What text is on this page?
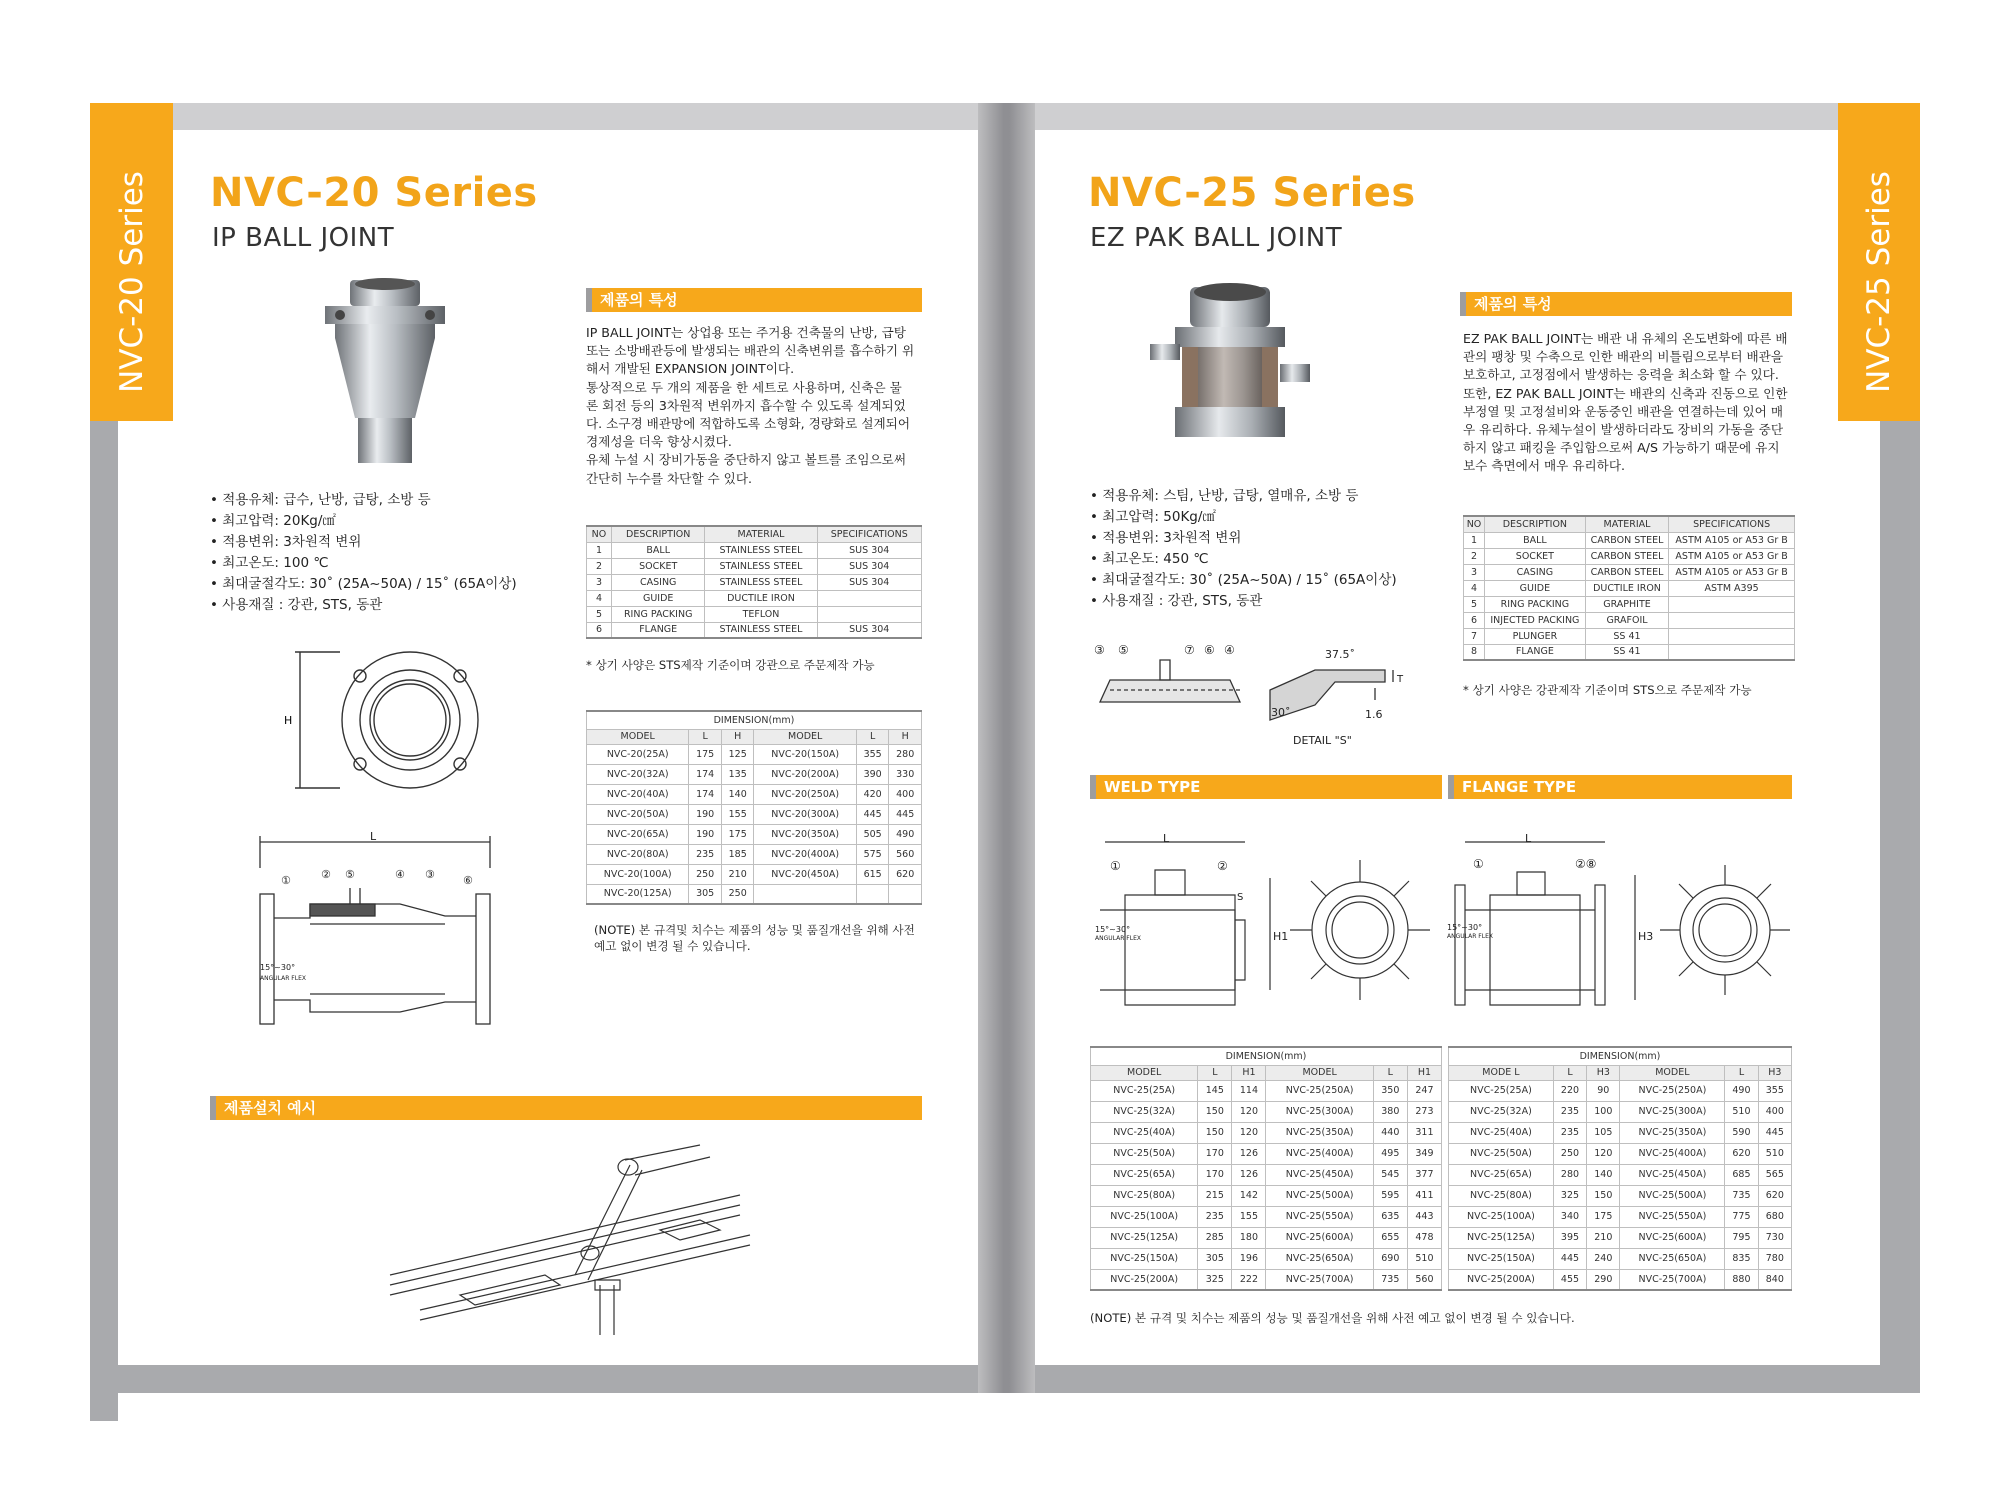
NVC-20 Series
24
NVC-20 Series
IP BALL JOINT
• 적용유체: 급수, 난방, 급탕, 소방 등
• 최고압력: 20Kg/㎠
• 적용변위: 3차원적 변위
• 최고온도: 100 ℃
• 최대굴절각도: 30˚ (25A~50A) / 15˚ (65A이상)
• 사용재질 : 강관, STS, 동관
제품의 특성
IP BALL JOINT는 상업용 또는 주거용 건축물의 난방, 급탕
또는 소방배관등에 발생되는 배관의 신축변위를 흡수하기 위
해서 개발된 EXPANSION JOINT이다.
통상적으로 두 개의 제품을 한 세트로 사용하며, 신축은 물
론 회전 등의 3차원적 변위까지 흡수할 수 있도록 설계되었
다. 소구경 배관망에 적합하도록 소형화, 경량화로 설계되어
경제성을 더욱 향상시켰다.
유체 누설 시 장비가동을 중단하지 않고 볼트를 조임으로써
간단히 누수를 차단할 수 있다.
NO	DESCRIPTION	MATERIAL	SPECIFICATIONS
1	BALL	STAINLESS STEEL	SUS 304
2	SOCKET	STAINLESS STEEL	SUS 304
3	CASING	STAINLESS STEEL	SUS 304
4	GUIDE	DUCTILE IRON	
5	RING PACKING	TEFLON	
6	FLANGE	STAINLESS STEEL	SUS 304
* 상기 사양은 STS제작 기준이며 강관으로 주문제작 가능
DIMENSION(mm)					
MODEL	L	H	MODEL	L	H
NVC-20(25A)	175	125	NVC-20(150A)	355	280
NVC-20(32A)	174	135	NVC-20(200A)	390	330
NVC-20(40A)	174	140	NVC-20(250A)	420	400
NVC-20(50A)	190	155	NVC-20(300A)	445	445
NVC-20(65A)	190	175	NVC-20(350A)	505	490
NVC-20(80A)	235	185	NVC-20(400A)	575	560
NVC-20(100A)	250	210	NVC-20(450A)	615	620
NVC-20(125A)	305	250			
(NOTE) 본 규격및 치수는 제품의 성능 및 품질개선을 위해 사전
예고 없이 변경 될 수 있습니다.
H
①	② ⑤	④ ③	⑥
L
15°~30°
ANGULAR FLEX
제품설치 예시
NVC-25 Series
25
NVC-25 Series
EZ PAK BALL JOINT
제품의 특성
EZ PAK BALL JOINT는 배관 내 유체의 온도변화에 따른 배
관의 팽창 및 수축으로 인한 배관의 비틀림으로부터 배관을
보호하고, 고정점에서 발생하는 응력을 최소화 할 수 있다.
또한, EZ PAK BALL JOINT는 배관의 신축과 진동으로 인한
부정열 및 고정설비와 운동중인 배관을 연결하는데 있어 매
우 유리하다. 유체누설이 발생하더라도 장비의 가동을 중단
하지 않고 패킹을 주입함으로써 A/S 가능하기 때문에 유지
보수 측면에서 매우 유리하다.
• 적용유체: 스팀, 난방, 급탕, 열매유, 소방 등
• 최고압력: 50Kg/㎠
• 적용변위: 3차원적 변위
• 최고온도: 450 ℃
• 최대굴절각도: 30˚ (25A~50A) / 15˚ (65A이상)
• 사용재질 : 강관, STS, 동관
NO	DESCRIPTION	MATERIAL	SPECIFICATIONS
1	BALL	CARBON STEEL	ASTM A105 or A53 Gr B
2	SOCKET	CARBON STEEL	ASTM A105 or A53 Gr B
3	CASING	CARBON STEEL	ASTM A105 or A53 Gr B
4	GUIDE	DUCTILE IRON	ASTM A395
5	RING PACKING	GRAPHITE	
6	INJECTED PACKING	GRAFOIL	
7	PLUNGER	SS 41	
8	FLANGE	SS 41	
* 상기 사양은 강관제작 기준이며 STS으로 주문제작 가능
③ ⑤	⑦ ⑥ ④	37.5˚
30˚
T
1.6
DETAIL "S"
WELD TYPE	FLANGE TYPE
L
H1
S
15°~30°
ANGULAR FLEX
①	②
L
H3
15°~30°
ANGULAR FLEX
①	②⑧
DIMENSION(mm)					
MODEL	L	H1	MODEL	L	H1
NVC-25(25A)	145	114	NVC-25(250A)	350	247
NVC-25(32A)	150	120	NVC-25(300A)	380	273
NVC-25(40A)	150	120	NVC-25(350A)	440	311
NVC-25(50A)	170	126	NVC-25(400A)	495	349
NVC-25(65A)	170	126	NVC-25(450A)	545	377
NVC-25(80A)	215	142	NVC-25(500A)	595	411
NVC-25(100A)	235	155	NVC-25(550A)	635	443
NVC-25(125A)	285	180	NVC-25(600A)	655	478
NVC-25(150A)	305	196	NVC-25(650A)	690	510
NVC-25(200A)	325	222	NVC-25(700A)	735	560
DIMENSION(mm)					
MODE L	L	H3	MODEL	L	H3
NVC-25(25A)	220	90	NVC-25(250A)	490	355
NVC-25(32A)	235	100	NVC-25(300A)	510	400
NVC-25(40A)	235	105	NVC-25(350A)	590	445
NVC-25(50A)	250	120	NVC-25(400A)	620	510
NVC-25(65A)	280	140	NVC-25(450A)	685	565
NVC-25(80A)	325	150	NVC-25(500A)	735	620
NVC-25(100A)	340	175	NVC-25(550A)	775	680
NVC-25(125A)	395	210	NVC-25(600A)	795	730
NVC-25(150A)	445	240	NVC-25(650A)	835	780
NVC-25(200A)	455	290	NVC-25(700A)	880	840
(NOTE) 본 규격 및 치수는 제품의 성능 및 품질개선을 위해 사전 예고 없이 변경 될 수 있습니다.
